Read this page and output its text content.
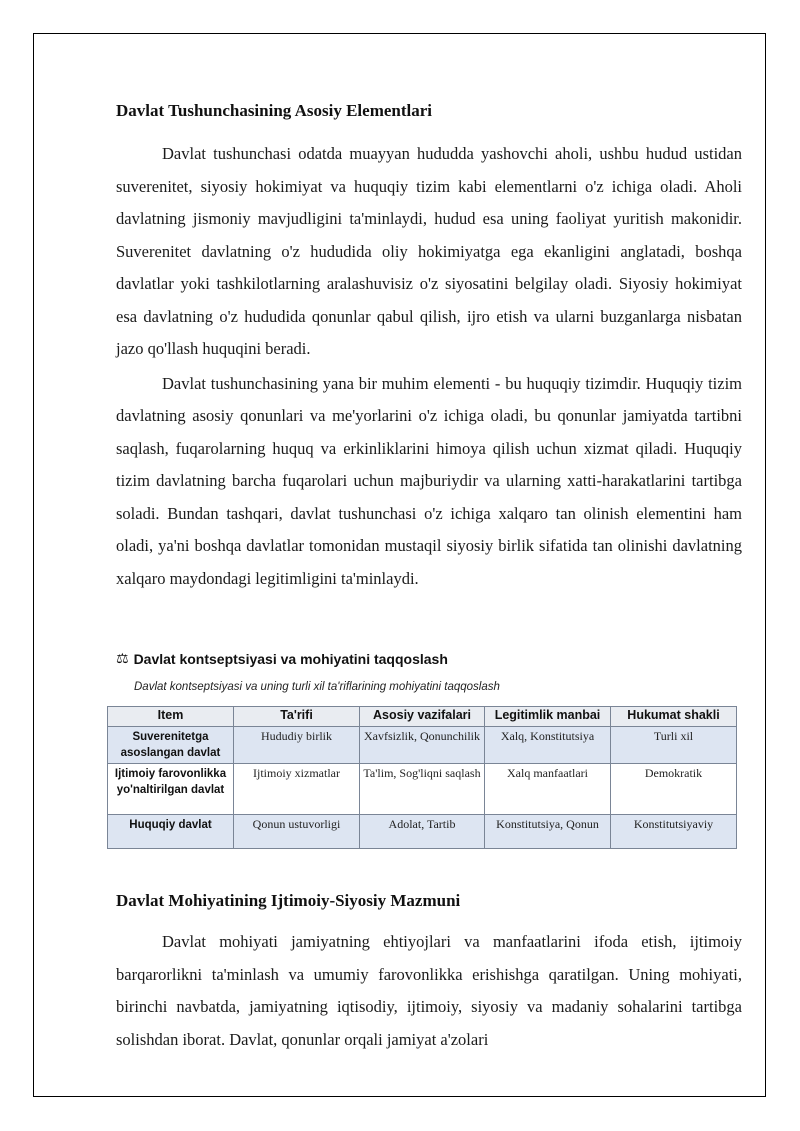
Davlat Tushunchasining Asosiy Elementlari

Davlat tushunchasi odatda muayyan hududda yashovchi aholi, ushbu hudud ustidan suverenitet, siyosiy hokimiyat va huquqiy tizim kabi elementlarni o'z ichiga oladi. Aholi davlatning jismoniy mavjudligini ta'minlaydi, hudud esa uning faoliyat yuritish makonidir. Suverenitet davlatning o'z hududida oliy hokimiyatga ega ekanligini anglatadi, boshqa davlatlar yoki tashkilotlarning aralashuvisiz o'z siyosatini belgilay oladi. Siyosiy hokimiyat esa davlatning o'z hududida qonunlar qabul qilish, ijro etish va ularni buzganlarga nisbatan jazo qo'llash huquqini beradi.

Davlat tushunchasining yana bir muhim elementi - bu huquqiy tizimdir. Huquqiy tizim davlatning asosiy qonunlari va me'yorlarini o'z ichiga oladi, bu qonunlar jamiyatda tartibni saqlash, fuqarolarning huquq va erkinliklarini himoya qilish uchun xizmat qiladi. Huquqiy tizim davlatning barcha fuqarolari uchun majburiydir va ularning xatti-harakatlarini tartibga soladi. Bundan tashqari, davlat tushunchasi o'z ichiga xalqaro tan olinish elementini ham oladi, ya'ni boshqa davlatlar tomonidan mustaqil siyosiy birlik sifatida tan olinishi davlatning xalqaro maydondagi legitimligini ta'minlaydi.

⚖ Davlat kontseptsiyasi va mohiyatini taqqoslash
Davlat kontseptsiyasi va uning turli xil ta'riflarining mohiyatini taqqoslash
Item	Ta'rifi	Asosiy vazifalari	Legitimlik manbai	Hukumat shakli
Suverenitetga asoslangan davlat	Hududiy birlik	Xavfsizlik, Qonunchilik	Xalq, Konstitutsiya	Turli xil
Ijtimoiy farovonlikka yo'naltirilgan davlat	Ijtimoiy xizmatlar	Ta'lim, Sog'liqni saqlash	Xalq manfaatlari	Demokratik
Huquqiy davlat	Qonun ustuvorligi	Adolat, Tartib	Konstitutsiya, Qonun	Konstitutsiyaviy
Davlat Mohiyatining Ijtimoiy-Siyosiy Mazmuni

Davlat mohiyati jamiyatning ehtiyojlari va manfaatlarini ifoda etish, ijtimoiy barqarorlikni ta'minlash va umumiy farovonlikka erishishga qaratilgan. Uning mohiyati, birinchi navbatda, jamiyatning iqtisodiy, ijtimoiy, siyosiy va madaniy sohalarini tartibga solishdan iborat. Davlat, qonunlar orqali jamiyat a'zolari
